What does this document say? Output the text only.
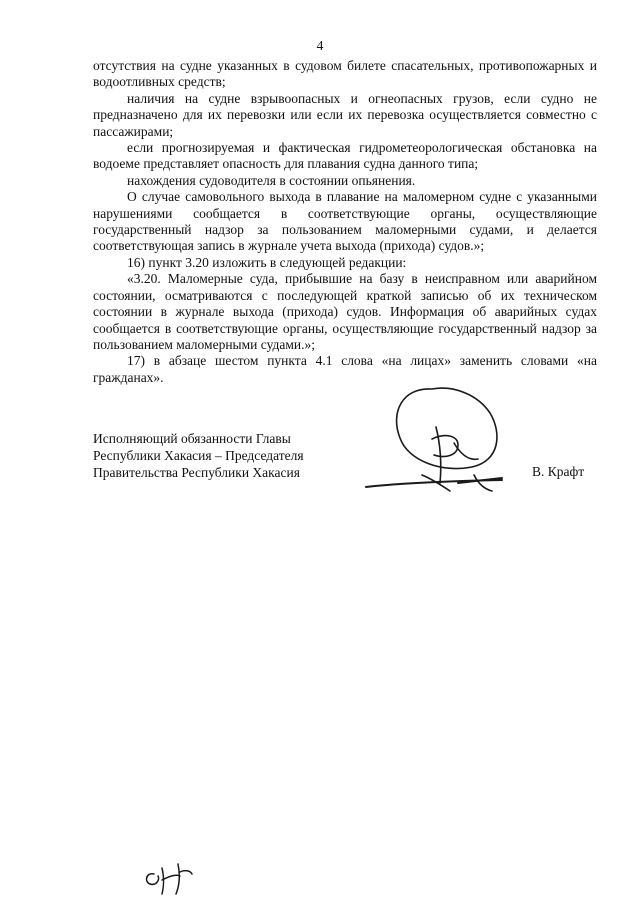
4

отсутствия на судне указанных в судовом билете спасательных, противопожарных и водоотливных средств;

наличия на судне взрывоопасных и огнеопасных грузов, если судно не предназначено для их перевозки или если их перевозка осуществляется совместно с пассажирами;

если прогнозируемая и фактическая гидрометеорологическая обстановка на водоеме представляет опасность для плавания судна данного типа;

нахождения судоводителя в состоянии опьянения.

О случае самовольного выхода в плавание на маломерном судне с указанными нарушениями сообщается в соответствующие органы, осуществляющие государственный надзор за пользованием маломерными судами, и делается соответствующая запись в журнале учета выхода (прихода) судов.»;

16) пункт 3.20 изложить в следующей редакции:

«3.20. Маломерные суда, прибывшие на базу в неисправном или аварийном состоянии, осматриваются с последующей краткой записью об их техническом состоянии в журнале выхода (прихода) судов. Информация об аварийных судах сообщается в соответствующие органы, осуществляющие государственный надзор за пользованием маломерными судами.»;

17) в абзаце шестом пункта 4.1 слова «на лицах» заменить словами «на гражданах».

Исполняющий обязанности Главы
Республики Хакасия – Председателя
Правительства Республики Хакасия	В. Крафт
